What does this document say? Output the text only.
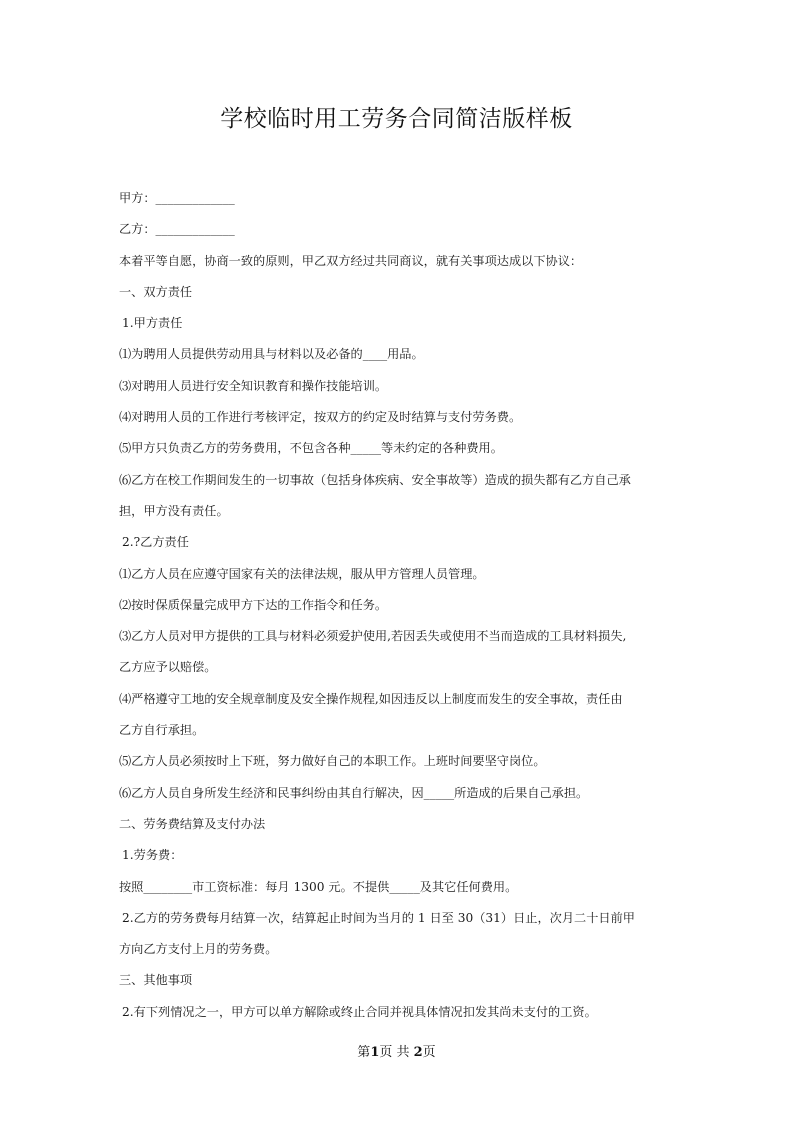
学校临时用工劳务合同简洁版样板
甲方：_____________
乙方：_____________
本着平等自愿，协商一致的原则，甲乙双方经过共同商议，就有关事项达成以下协议：
一、双方责任
1.甲方责任
⑴为聘用人员提供劳动用具与材料以及必备的____用品。
⑶对聘用人员进行安全知识教育和操作技能培训。
⑷对聘用人员的工作进行考核评定，按双方的约定及时结算与支付劳务费。
⑸甲方只负责乙方的劳务费用，不包含各种_____等未约定的各种费用。
⑹乙方在校工作期间发生的一切事故（包括身体疾病、安全事故等）造成的损失都有乙方自己承
担，甲方没有责任。
2.?乙方责任
⑴乙方人员在应遵守国家有关的法律法规，服从甲方管理人员管理。
⑵按时保质保量完成甲方下达的工作指令和任务。
⑶乙方人员对甲方提供的工具与材料必须爱护使用,若因丢失或使用不当而造成的工具材料损失,
乙方应予以赔偿。
⑷严格遵守工地的安全规章制度及安全操作规程,如因违反以上制度而发生的安全事故，责任由
乙方自行承担。
⑸乙方人员必须按时上下班，努力做好自己的本职工作。上班时间要坚守岗位。
⑹乙方人员自身所发生经济和民事纠纷由其自行解决，因_____所造成的后果自己承担。
二、劳务费结算及支付办法
1.劳务费：
按照________市工资标准：每月 1300 元。不提供_____及其它任何费用。
2.乙方的劳务费每月结算一次，结算起止时间为当月的 1 日至 30（31）日止，次月二十日前甲
方向乙方支付上月的劳务费。
三、其他事项
2.有下列情况之一，甲方可以单方解除或终止合同并视具体情况扣发其尚未支付的工资。
第1页 共 2页
